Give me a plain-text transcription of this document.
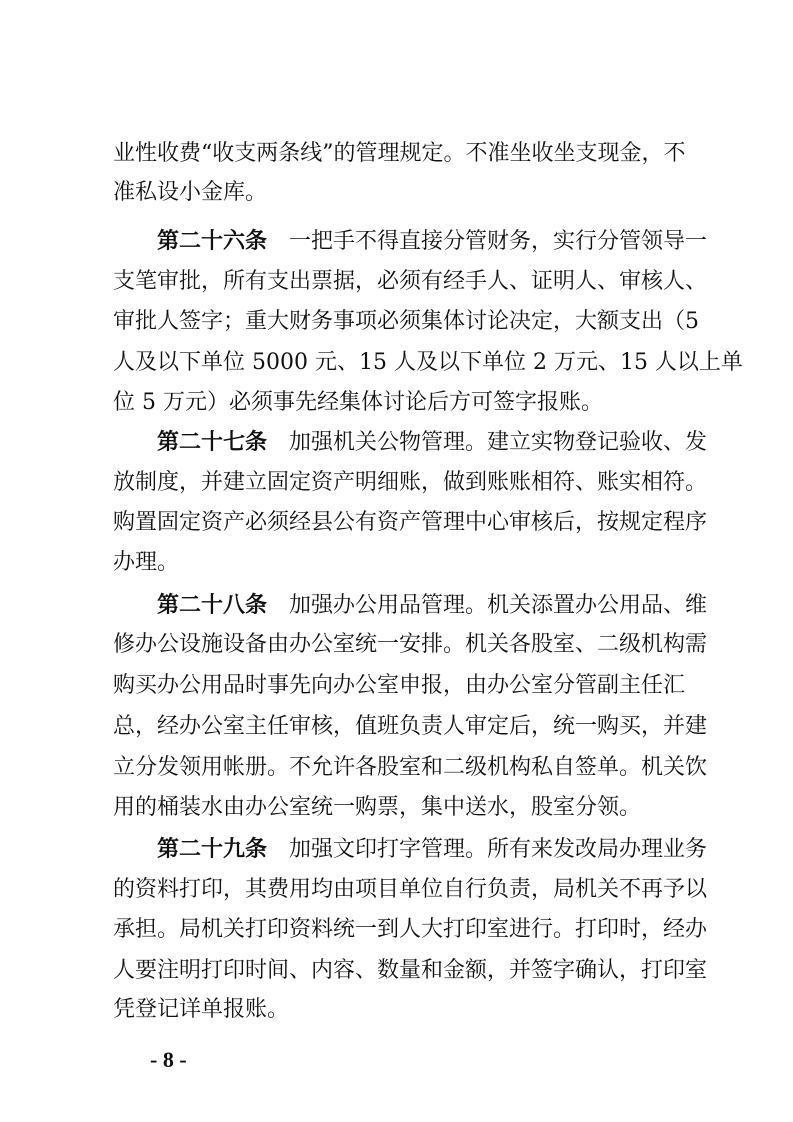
业性收费“收支两条线”的管理规定。不准坐收坐支现金，不
准私设小金库。
第二十六条 一把手不得直接分管财务，实行分管领导一
支笔审批，所有支出票据，必须有经手人、证明人、审核人、
审批人签字；重大财务事项必须集体讨论决定，大额支出（5
人及以下单位 5000 元、15 人及以下单位 2 万元、15 人以上单
位 5 万元）必须事先经集体讨论后方可签字报账。
第二十七条 加强机关公物管理。建立实物登记验收、发
放制度，并建立固定资产明细账，做到账账相符、账实相符。
购置固定资产必须经县公有资产管理中心审核后，按规定程序
办理。
第二十八条 加强办公用品管理。机关添置办公用品、维
修办公设施设备由办公室统一安排。机关各股室、二级机构需
购买办公用品时事先向办公室申报，由办公室分管副主任汇
总，经办公室主任审核，值班负责人审定后，统一购买，并建
立分发领用帐册。不允许各股室和二级机构私自签单。机关饮
用的桶装水由办公室统一购票，集中送水，股室分领。
第二十九条 加强文印打字管理。所有来发改局办理业务
的资料打印，其费用均由项目单位自行负责，局机关不再予以
承担。局机关打印资料统一到人大打印室进行。打印时，经办
人要注明打印时间、内容、数量和金额，并签字确认，打印室
凭登记详单报账。
- 8 -
